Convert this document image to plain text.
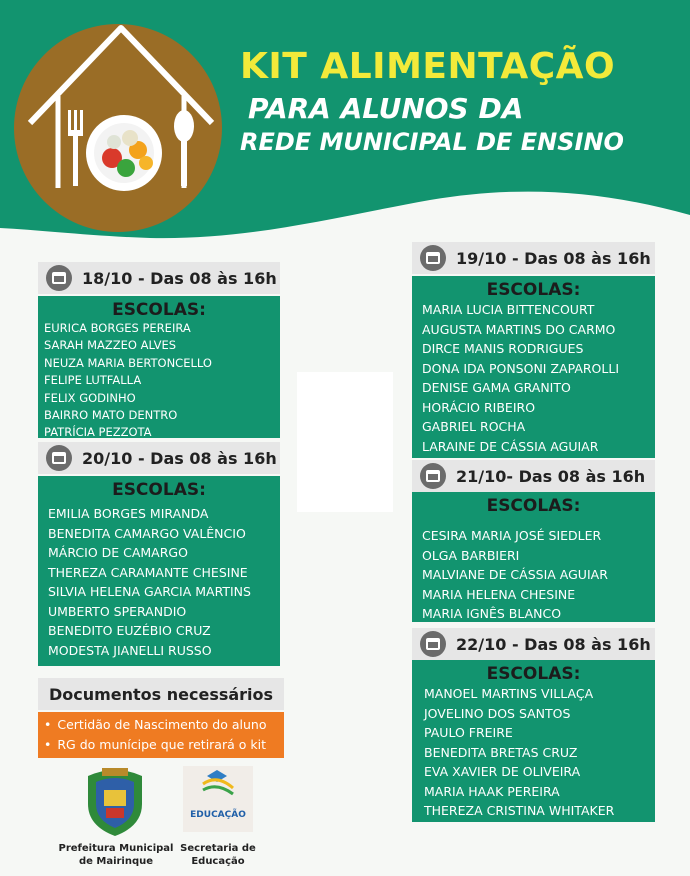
KIT ALIMENTAÇÃO
PARA ALUNOS DA
REDE MUNICIPAL DE ENSINO
18/10 - Das 08 às 16h
ESCOLAS:
EURICA BORGES PEREIRA
SARAH MAZZEO ALVES
NEUZA MARIA BERTONCELLO
FELIPE LUTFALLA
FELIX GODINHO
BAIRRO MATO DENTRO
PATRÍCIA PEZZOTA
20/10 - Das 08 às 16h
ESCOLAS:
EMILIA BORGES MIRANDA
BENEDITA CAMARGO VALÊNCIO
MÁRCIO DE CAMARGO
THEREZA CARAMANTE CHESINE
SILVIA HELENA GARCIA MARTINS
UMBERTO SPERANDIO
BENEDITO EUZÉBIO CRUZ
MODESTA JIANELLI RUSSO
Documentos necessários
• Certidão de Nascimento do aluno
• RG do munícipe que retirará o kit
19/10 - Das 08 às 16h
ESCOLAS:
MARIA LUCIA BITTENCOURT
AUGUSTA MARTINS DO CARMO
DIRCE MANIS RODRIGUES
DONA IDA PONSONI ZAPAROLLI
DENISE GAMA GRANITO
HORÁCIO RIBEIRO
GABRIEL ROCHA
LARAINE DE CÁSSIA AGUIAR
21/10- Das 08 às 16h
ESCOLAS:
CESIRA MARIA JOSÉ SIEDLER
OLGA BARBIERI
MALVIANE DE CÁSSIA AGUIAR
MARIA HELENA CHESINE
MARIA IGNÊS BLANCO
22/10 - Das 08 às 16h
ESCOLAS:
MANOEL MARTINS VILLAÇA
JOVELINO DOS SANTOS
PAULO FREIRE
BENEDITA BRETAS CRUZ
EVA XAVIER DE OLIVEIRA
MARIA HAAK PEREIRA
THEREZA CRISTINA WHITAKER
Prefeitura Municipal
de Mairinque
EDUCAÇÃO
Secretaria de
Educação
